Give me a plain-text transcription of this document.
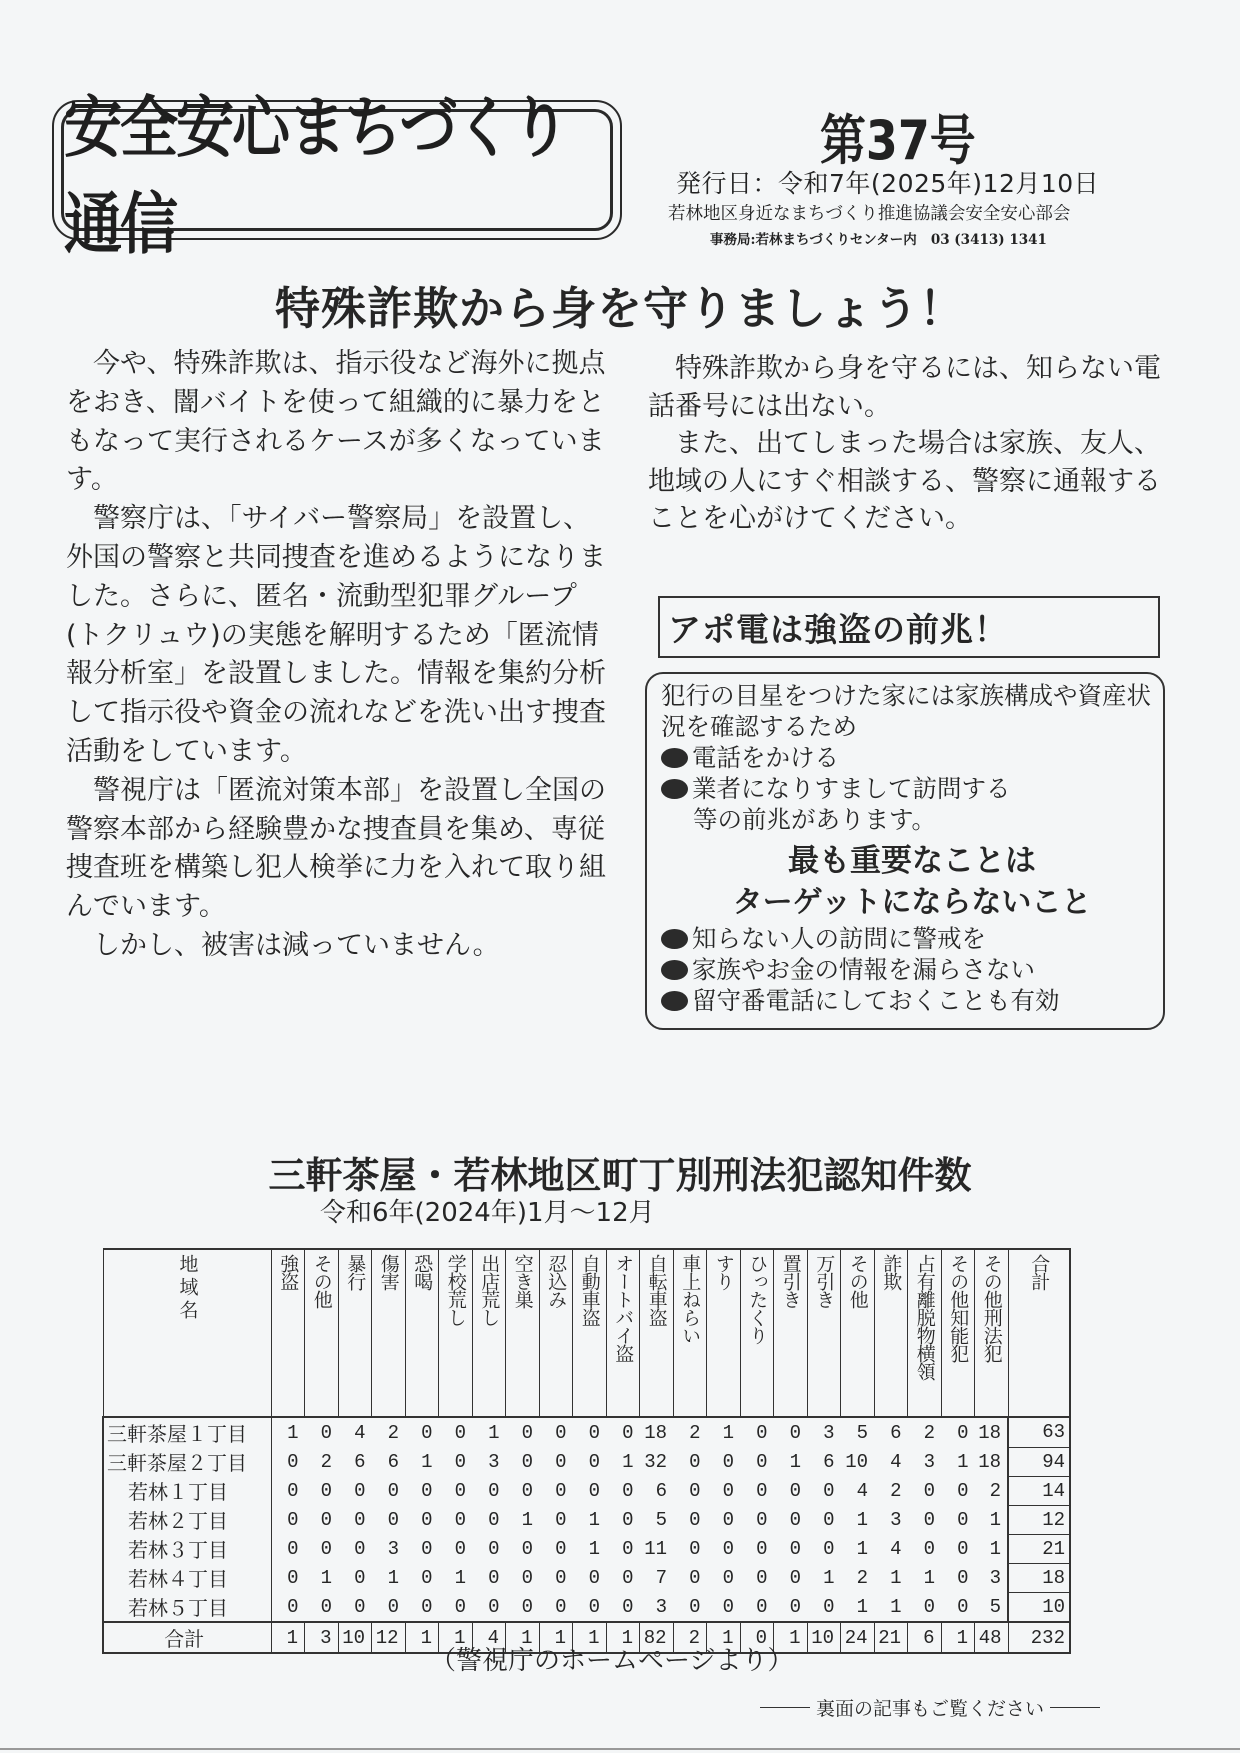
安全安心まちづくり通信
第37号
発行日：令和7年(2025年)12月10日
若林地区身近なまちづくり推進協議会安全安心部会
事務局:若林まちづくりセンター内 03 (3413) 1341
特殊詐欺から身を守りましょう！

今や、特殊詐欺は、指示役など海外に拠点をおき、闇バイトを使って組織的に暴力をともなって実行されるケースが多くなっています。

警察庁は、「サイバー警察局」を設置し、外国の警察と共同捜査を進めるようになりました。さらに、匿名・流動型犯罪グループ(トクリュウ)の実態を解明するため「匿流情報分析室」を設置しました。情報を集約分析して指示役や資金の流れなどを洗い出す捜査活動をしています。

警視庁は「匿流対策本部」を設置し全国の警察本部から経験豊かな捜査員を集め、専従捜査班を構築し犯人検挙に力を入れて取り組んでいます。

しかし、被害は減っていません。

特殊詐欺から身を守るには、知らない電話番号には出ない。

また、出てしまった場合は家族、友人、地域の人にすぐ相談する、警察に通報することを心がけてください。

アポ電は強盗の前兆！
犯行の目星をつけた家には家族構成や資産状況を確認するため
電話をかける
業者になりすまして訪問する
等の前兆があります。
最も重要なことは
ターゲットにならないこと
知らない人の訪問に警戒を
家族やお金の情報を漏らさない
留守番電話にしておくことも有効
三軒茶屋・若林地区町丁別刑法犯認知件数
令和6年(2024年)1月～12月
地域名	強盗	その他	暴行	傷害	恐喝	学校荒し	出店荒し	空き巣	忍込み	自動車盗	オートバイ盗	自転車盗	車上ねらい	すり	ひったくり	置引き	万引き	その他	詐欺	占有離脱物横領	その他知能犯	その他刑法犯	合計

三軒茶屋１丁目	1	0	4	2	0	0	1	0	0	0	0	18	2	1	0	0	3	5	6	2	0	18	63
三軒茶屋２丁目	0	2	6	6	1	0	3	0	0	0	1	32	0	0	0	1	6	10	4	3	1	18	94
若林１丁目	0	0	0	0	0	0	0	0	0	0	0	6	0	0	0	0	0	4	2	0	0	2	14
若林２丁目	0	0	0	0	0	0	0	1	0	1	0	5	0	0	0	0	0	1	3	0	0	1	12
若林３丁目	0	0	0	3	0	0	0	0	0	1	0	11	0	0	0	0	0	1	4	0	0	1	21
若林４丁目	0	1	0	1	0	1	0	0	0	0	0	7	0	0	0	0	1	2	1	1	0	3	18
若林５丁目	0	0	0	0	0	0	0	0	0	0	0	3	0	0	0	0	0	1	1	0	0	5	10
合計	1	3	10	12	1	1	4	1	1	1	1	82	2	1	0	1	10	24	21	6	1	48	232
（警視庁のホームページより）
裏面の記事もご覧ください
